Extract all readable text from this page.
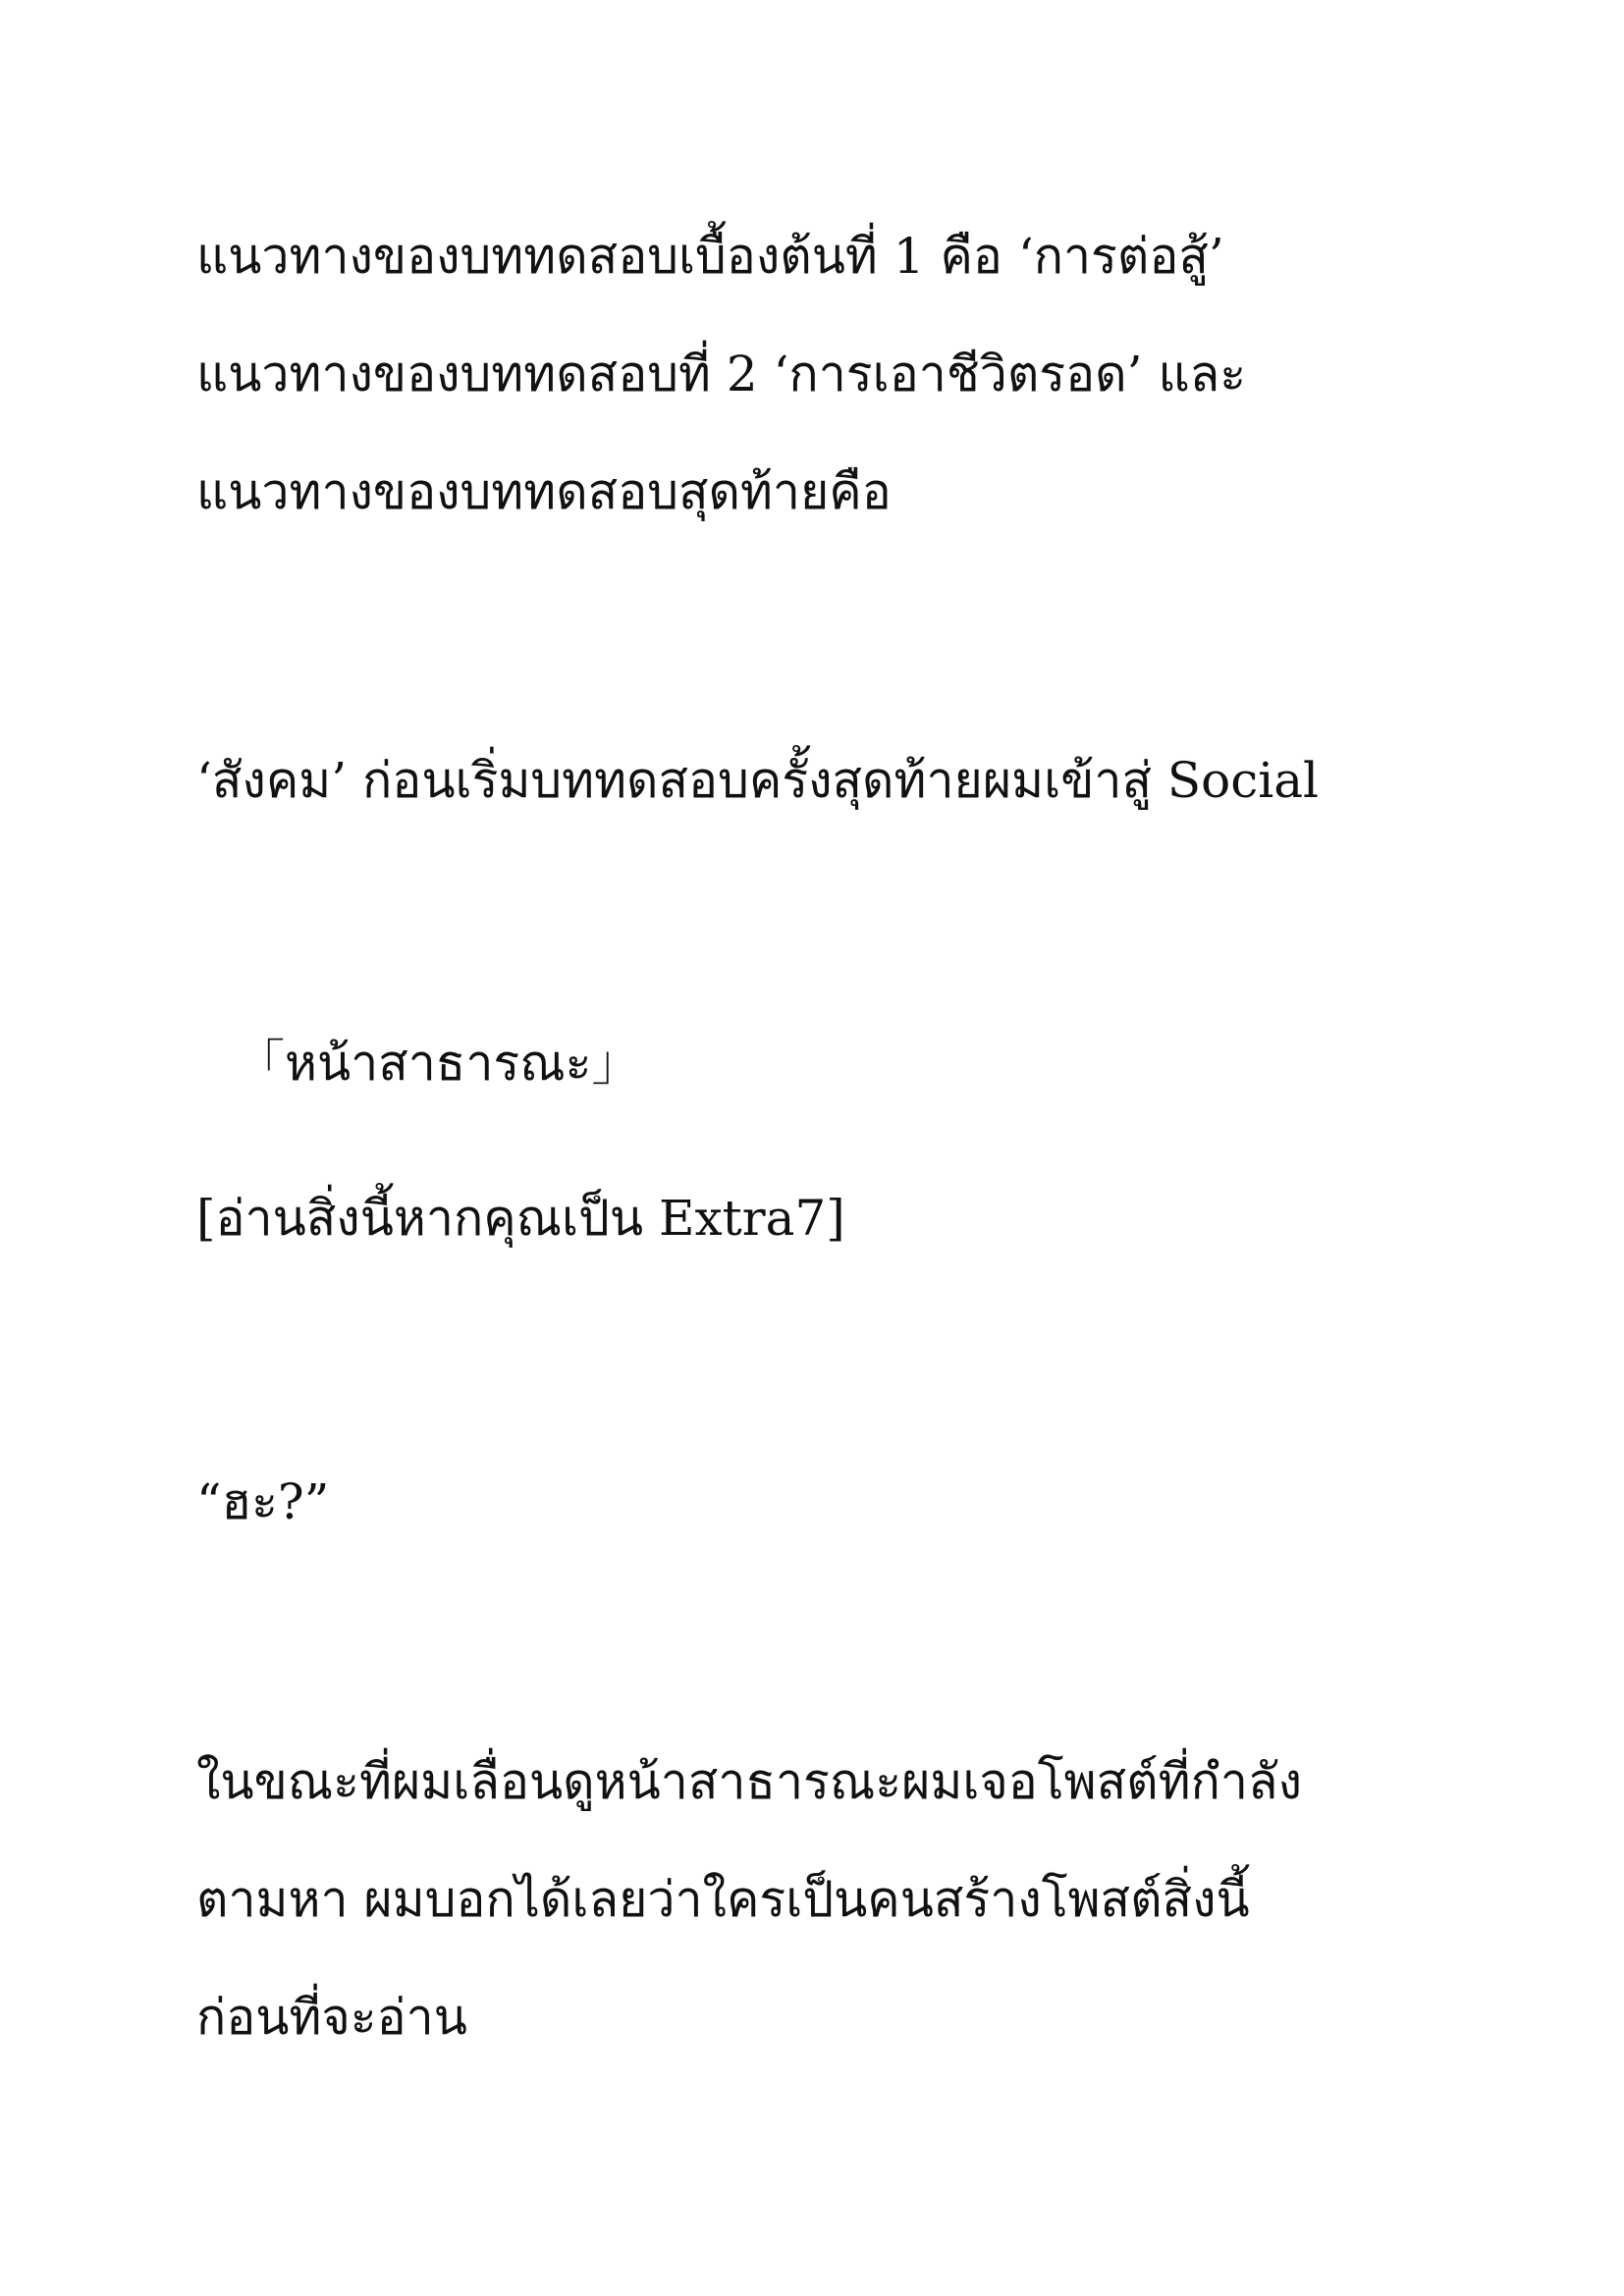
แนวทางของบททดสอบเบื้องต้นที่ 1 คือ ‘การต่อสู้’
แนวทางของบททดสอบที่ 2 ‘การเอาชีวิตรอด’ และ
แนวทางของบททดสอบสุดท้ายคือ
‘สังคม’ ก่อนเริ่มบททดสอบครั้งสุดท้ายผมเข้าสู่ Social
「หน้าสาธารณะ」
[อ่านสิ่งนี้หากคุณเป็น Extra7]
“ฮะ?”
ในขณะที่ผมเลื่อนดูหน้าสาธารณะผมเจอโพสต์ที่กำลัง
ตามหา ผมบอกได้เลยว่าใครเป็นคนสร้างโพสต์สิ่งนี้
ก่อนที่จะอ่าน
